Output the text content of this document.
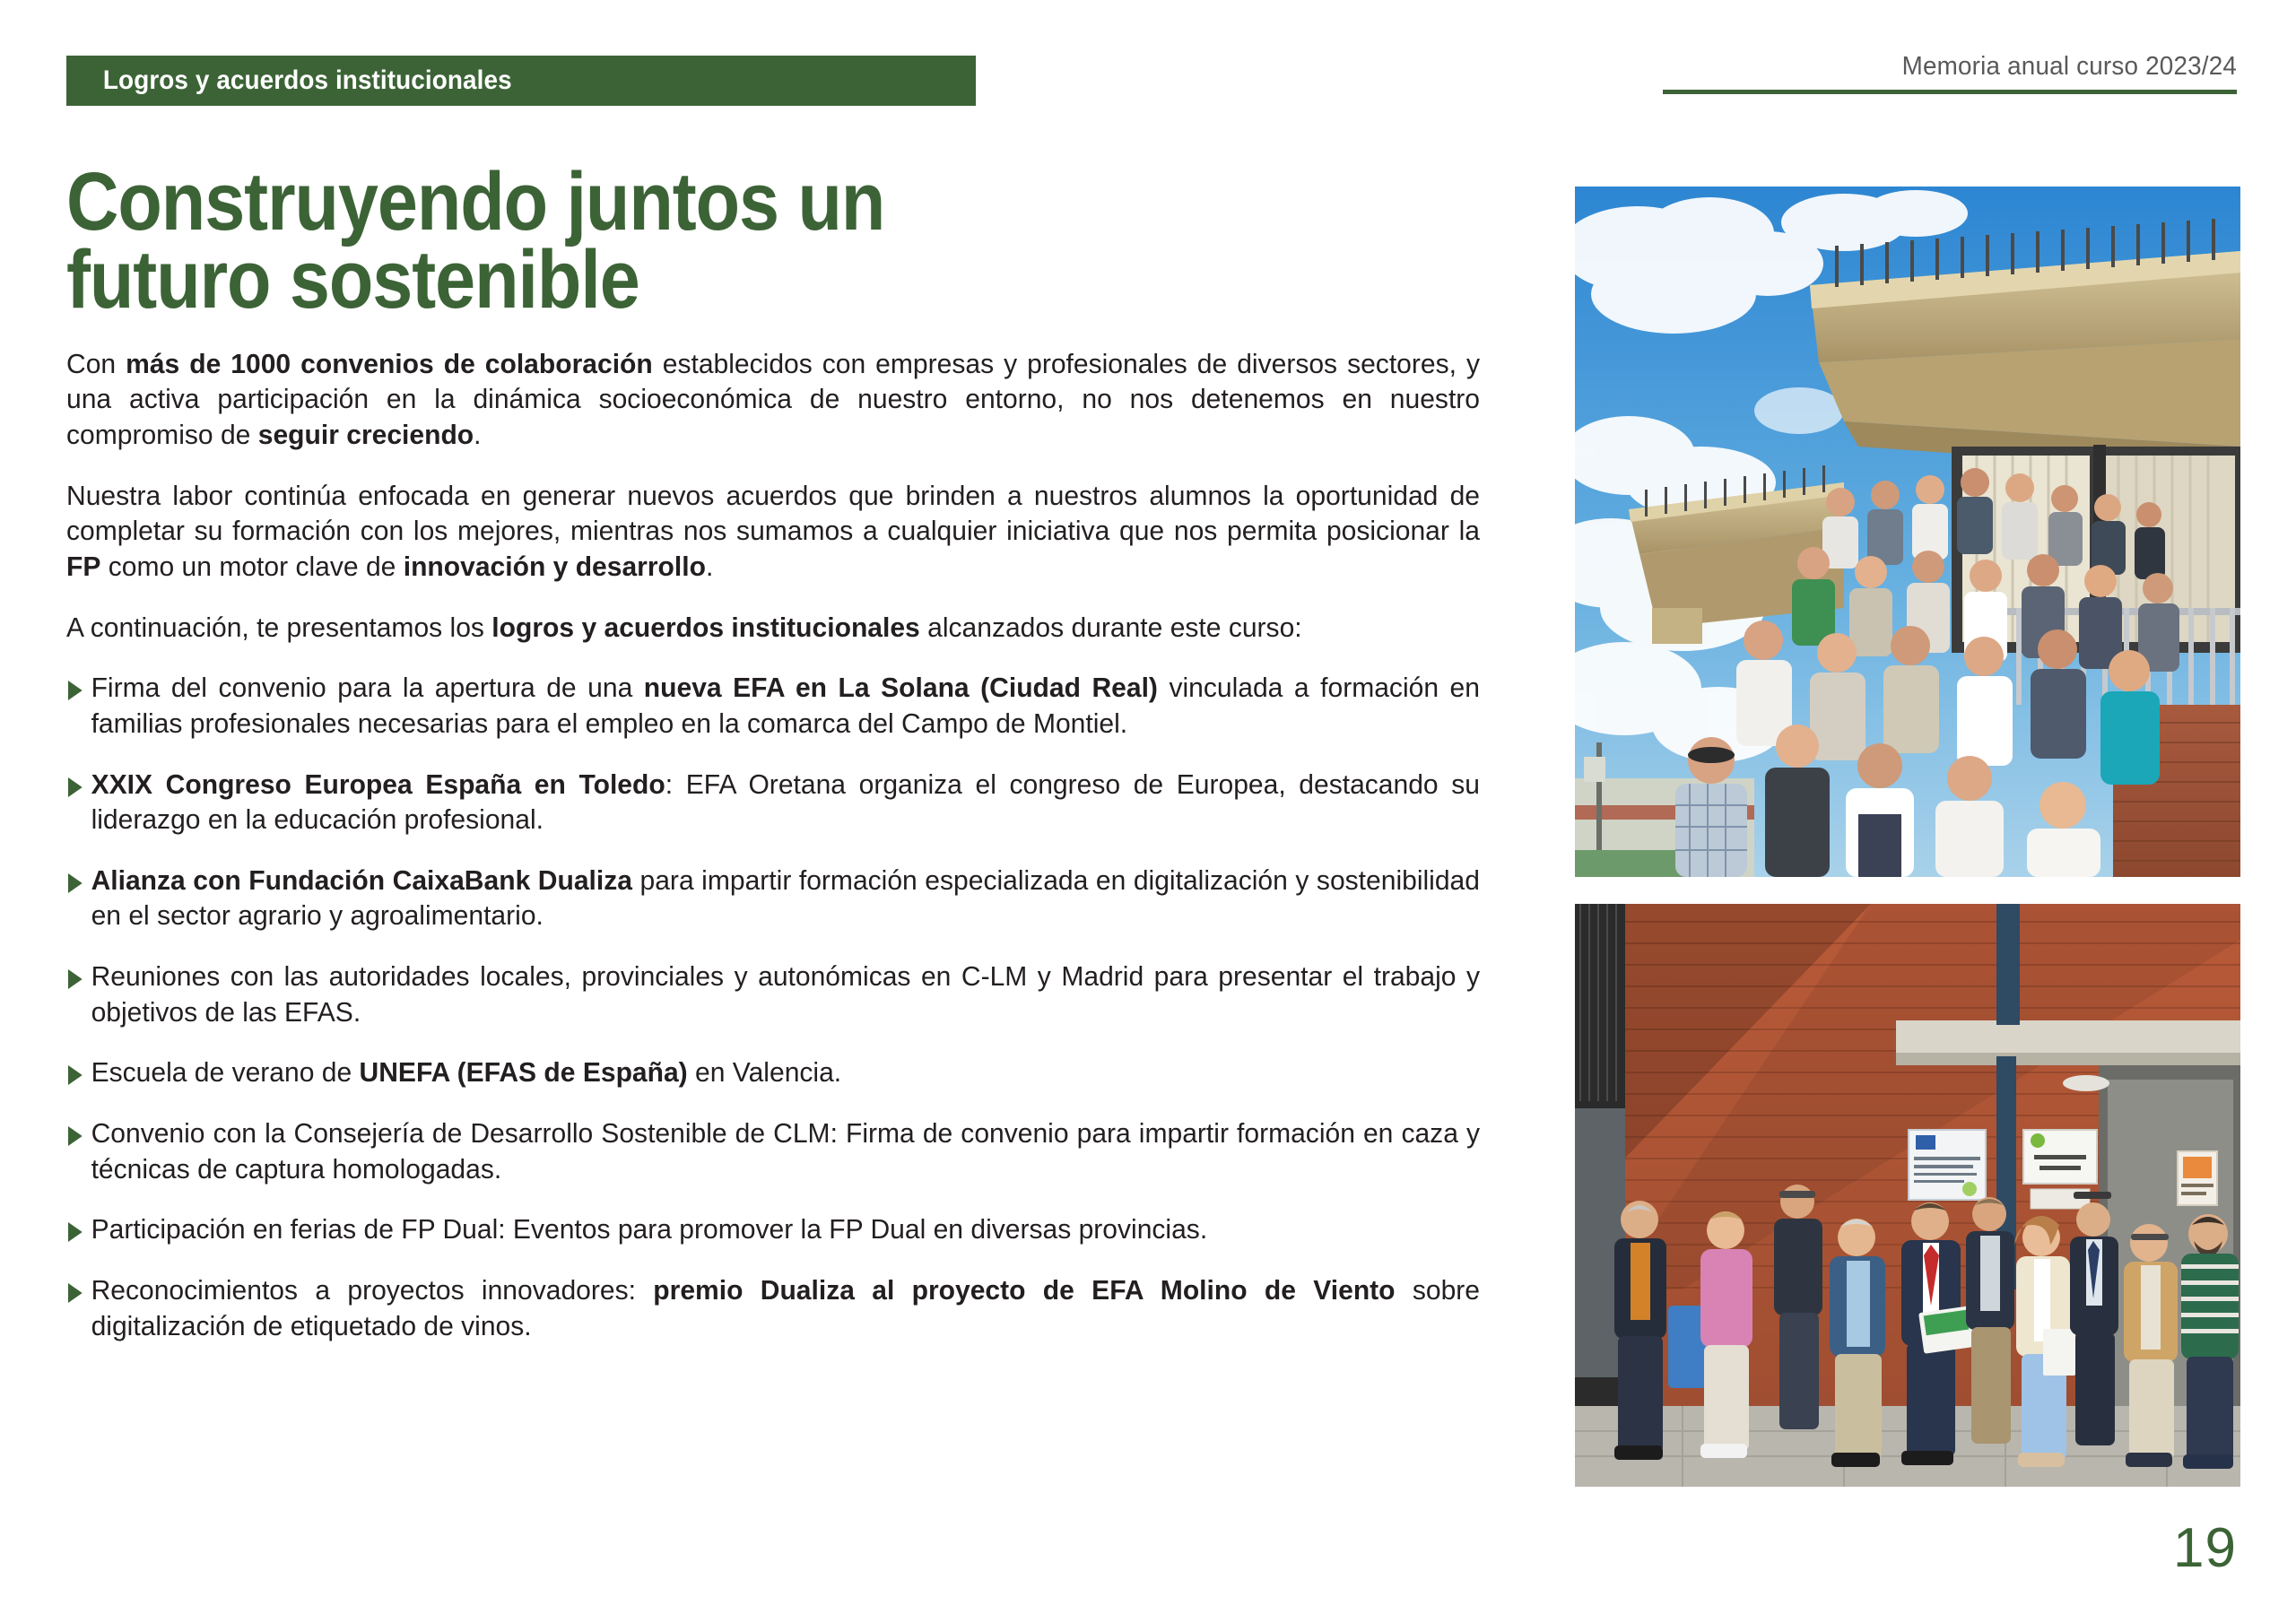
Logros y acuerdos institucionales	Memoria anual curso 2023/24
Construyendo juntos un
futuro sostenible

Con más de 1000 convenios de colaboración establecidos con empresas y profesionales de diversos sectores, y una activa participación en la dinámica socioeconómica de nuestro entorno, no nos detenemos en nuestro compromiso de seguir creciendo.

Nuestra labor continúa enfocada en generar nuevos acuerdos que brinden a nuestros alumnos la oportunidad de completar su formación con los mejores, mientras nos sumamos a cualquier iniciativa que nos permita posicionar la FP como un motor clave de innovación y desarrollo.

A continuación, te presentamos los logros y acuerdos institucionales alcanzados durante este curso:

Firma del convenio para la apertura de una nueva EFA en La Solana (Ciudad Real) vinculada a formación en familias profesionales necesarias para el empleo en la comarca del Campo de Montiel.
XXIX Congreso Europea España en Toledo: EFA Oretana organiza el congreso de Europea, destacando su liderazgo en la educación profesional.
Alianza con Fundación CaixaBank Dualiza para impartir formación especializada en digitalización y sostenibilidad en el sector agrario y agroalimentario.
Reuniones con las autoridades locales, provinciales y autonómicas en C-LM y Madrid para presentar el trabajo y objetivos de las EFAS.
Escuela de verano de UNEFA (EFAS de España) en Valencia.
Convenio con la Consejería de Desarrollo Sostenible de CLM: Firma de convenio para impartir formación en caza y técnicas de captura homologadas.
Participación en ferias de FP Dual: Eventos para promover la FP Dual en diversas provincias.
Reconocimientos a proyectos innovadores: premio Dualiza al proyecto de EFA Molino de Viento sobre digitalización de etiquetado de vinos.
19
